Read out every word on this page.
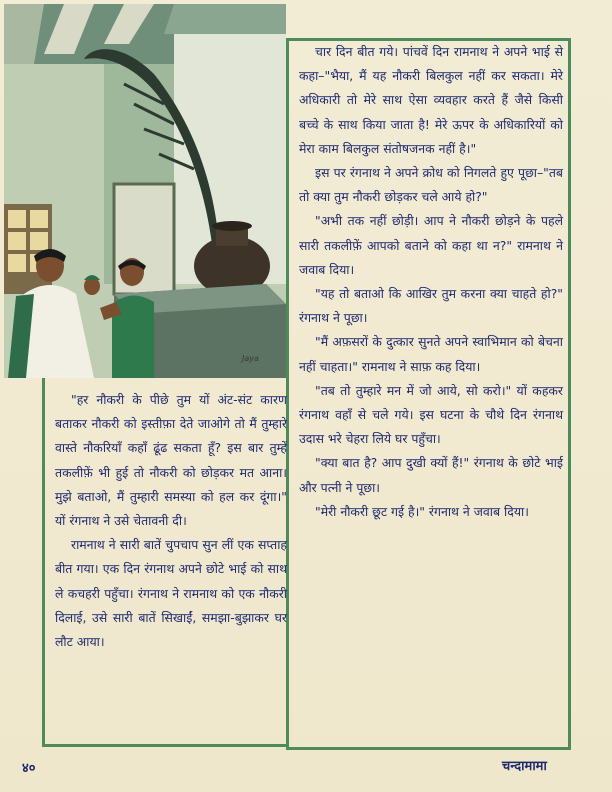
Jaya

चार दिन बीत गये। पांचवें दिन रामनाथ ने अपने भाई से कहा–"भैया, मैं यह नौकरी बिलकुल नहीं कर सकता। मेरे अधिकारी तो मेरे साथ ऐसा व्यवहार करते हैं जैसे किसी बच्चे के साथ किया जाता है! मेरे ऊपर के अधिकारियों को मेरा काम बिलकुल संतोषजनक नहीं है।"

इस पर रंगनाथ ने अपने क्रोध को निगलते हुए पूछा–"तब तो क्या तुम नौकरी छोड़कर चले आये हो?"

"अभी तक नहीं छोड़ी। आप ने नौकरी छोड़ने के पहले सारी तकलीफ़ें आपको बताने को कहा था न?" रामनाथ ने जवाब दिया।

"यह तो बताओ कि आखिर तुम करना क्या चाहते हो?" रंगनाथ ने पूछा।

"मैं अफ़सरों के दुत्कार सुनते अपने स्वाभिमान को बेचना नहीं चाहता।" रामनाथ ने साफ़ कह दिया।

"तब तो तुम्हारे मन में जो आये, सो करो।" यों कहकर रंगनाथ वहाँ से चले गये। इस घटना के चौथे दिन रंगनाथ उदास भरे चेहरा लिये घर पहुँचा।

"क्या बात है? आप दुखी क्यों हैं!" रंगनाथ के छोटे भाई और पत्नी ने पूछा।

"मेरी नौकरी छूट गई है।" रंगनाथ ने जवाब दिया।

"हर नौकरी के पीछे तुम यों अंट-संट कारण बताकर नौकरी को इस्तीफ़ा देते जाओगे तो मैं तुम्हारे वास्ते नौकरियाँ कहाँ ढूंढ सकता हूँ? इस बार तुम्हें तकलीफ़ें भी हुई तो नौकरी को छोड़कर मत आना। मुझे बताओ, मैं तुम्हारी समस्या को हल कर दूंगा।" यों रंगनाथ ने उसे चेतावनी दी।

रामनाथ ने सारी बातें चुपचाप सुन लीं एक सप्ताह बीत गया। एक दिन रंगनाथ अपने छोटे भाई को साथ ले कचहरी पहुँचा। रंगनाथ ने रामनाथ को एक नौकरी दिलाई, उसे सारी बातें सिखाईं, समझा-बुझाकर घर लौट आया।

४०	चन्दामामा
